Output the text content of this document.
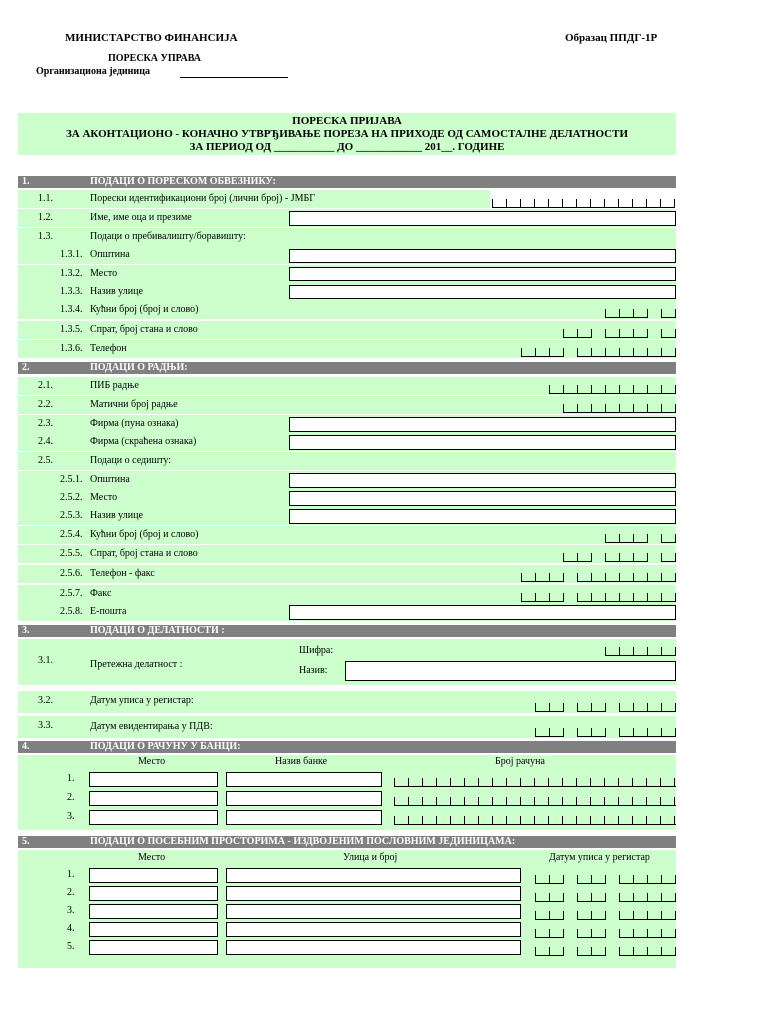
МИНИСТАРСТВО ФИНАНСИЈА	Образац ППДГ-1Р
ПОРЕСКА УПРАВА
Организациона јединица
ПОРЕСКА ПРИЈАВА
ЗА АКОНТАЦИОНО - КОНАЧНО УТВРЂИВАЊЕ ПОРЕЗА НА ПРИХОДЕ ОД САМОСТАЛНЕ ДЕЛАТНОСТИ
ЗА ПЕРИОД ОД ___________ ДО ____________ 201__. ГОДИНЕ
1.	ПОДАЦИ О ПОРЕСКОМ ОБВЕЗНИКУ:
1.1.	Порески идентификациони број (лични број) - ЈМБГ
1.2.	Име, име оца и презиме
1.3.	Подаци о пребивалишту/боравишту:
1.3.1. Општина
1.3.2. Место
1.3.3. Назив улице
1.3.4. Кућни број (број и слово)
1.3.5. Спрат, број стана и слово
1.3.6. Телефон
2.	ПОДАЦИ О РАДЊИ:
2.1.	ПИБ радње
2.2.	Матични број радње
2.3.	Фирма (пуна ознака)
2.4.	Фирма (скраћена ознака)
2.5.	Подаци о седишту:
2.5.1. Општина
2.5.2. Место
2.5.3. Назив улице
2.5.4. Кућни број (број и слово)
2.5.5. Спрат, број стана и слово
2.5.6. Телефон - факс
2.5.7. Факс
2.5.8. Е-пошта
3.	ПОДАЦИ О ДЕЛАТНОСТИ :
3.1.	Претежна делатност :
Шифра:
Назив:
3.2.	Датум уписа у регистар:
3.3.	Датум евидентирања у ПДВ:
4.	ПОДАЦИ О РАЧУНУ У БАНЦИ:
Место	Назив банке	Број рачуна
1.
2.
3.
5.	ПОДАЦИ О ПОСЕБНИМ ПРОСТОРИМА - ИЗДВОЈЕНИМ ПОСЛОВНИМ ЈЕДИНИЦАМА:
Место	Улица и број	Датум уписа у регистар
1.
2.
3.
4.
5.
